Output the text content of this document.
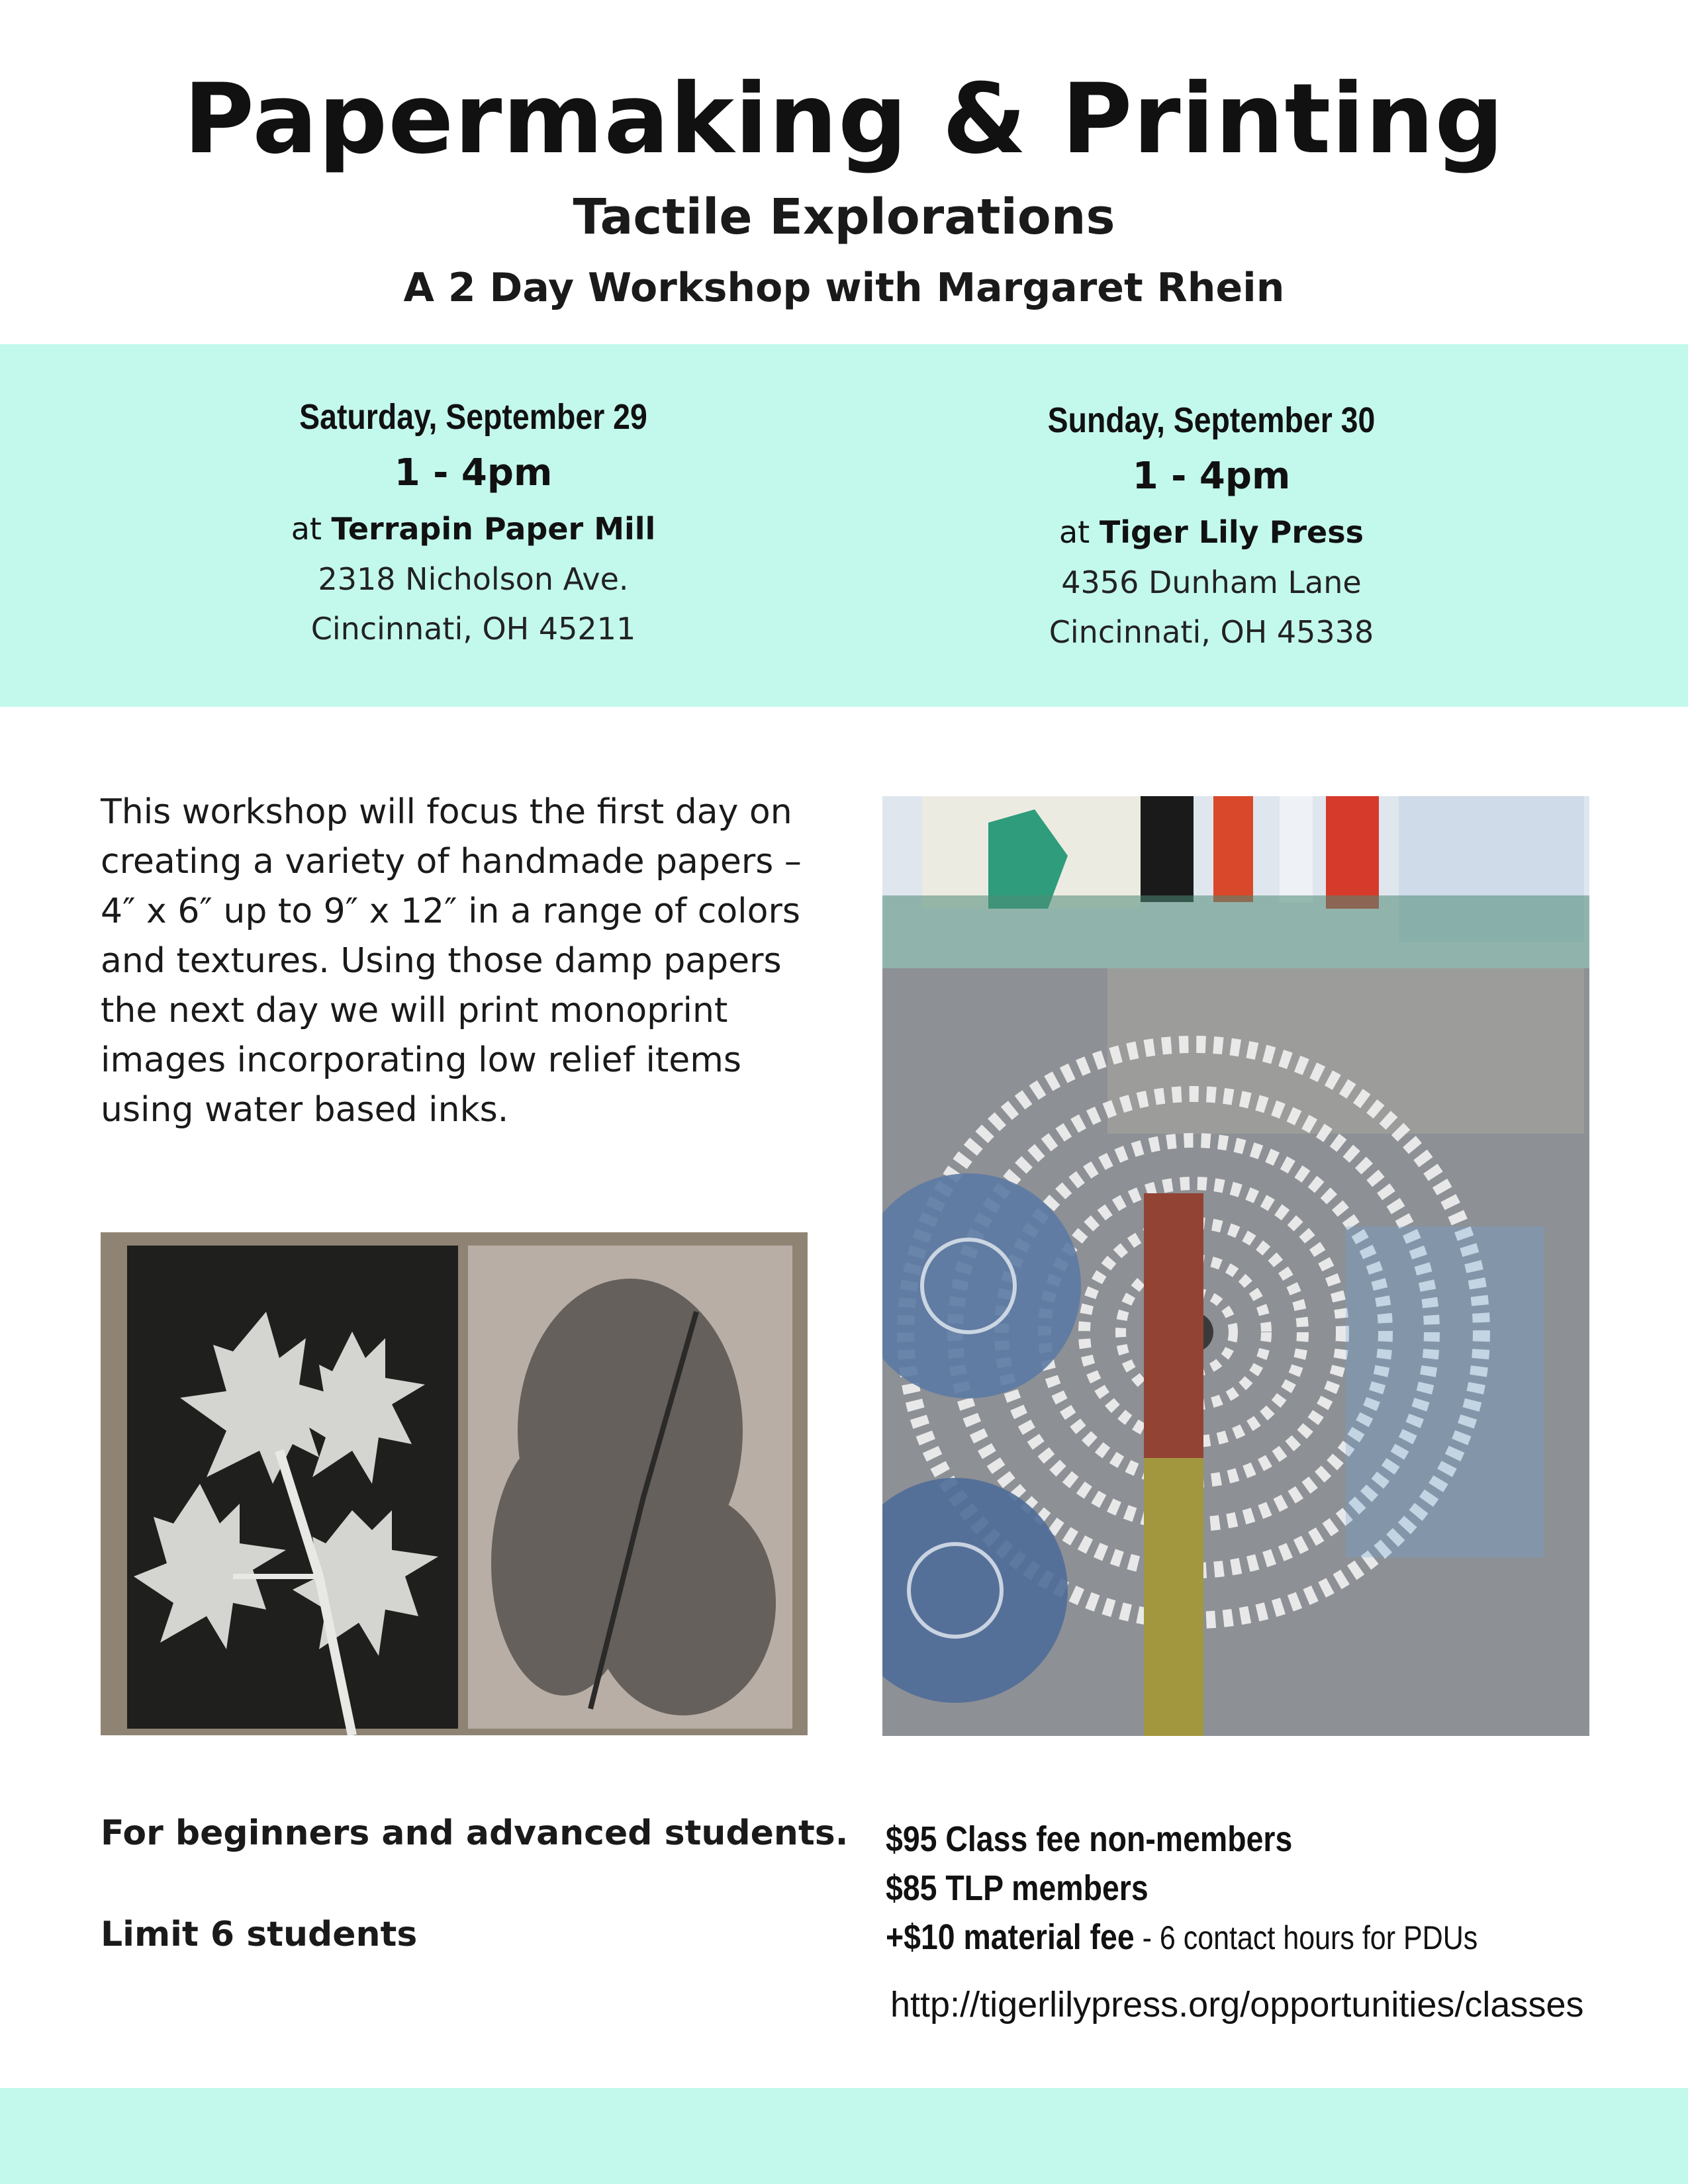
Papermaking & Printing
Tactile Explorations
A 2 Day Workshop with Margaret Rhein

Saturday, September 29

1 - 4pm

at Terrapin Paper Mill

2318 Nicholson Ave.

Cincinnati, OH 45211

Sunday, September 30

1 - 4pm

at Tiger Lily Press

4356 Dunham Lane

Cincinnati, OH 45338

This workshop will focus the first day on creating a variety of handmade papers – 4″ x 6″ up to 9″ x 12″ in a range of colors and textures. Using those damp papers the next day we will print monoprint images incorporating low relief items using water based inks.

For beginners and advanced students.

Limit 6 students

$95 Class fee non-members

$85 TLP members

+$10 material fee - 6 contact hours for PDUs

http://tigerlilypress.org/opportunities/classes
